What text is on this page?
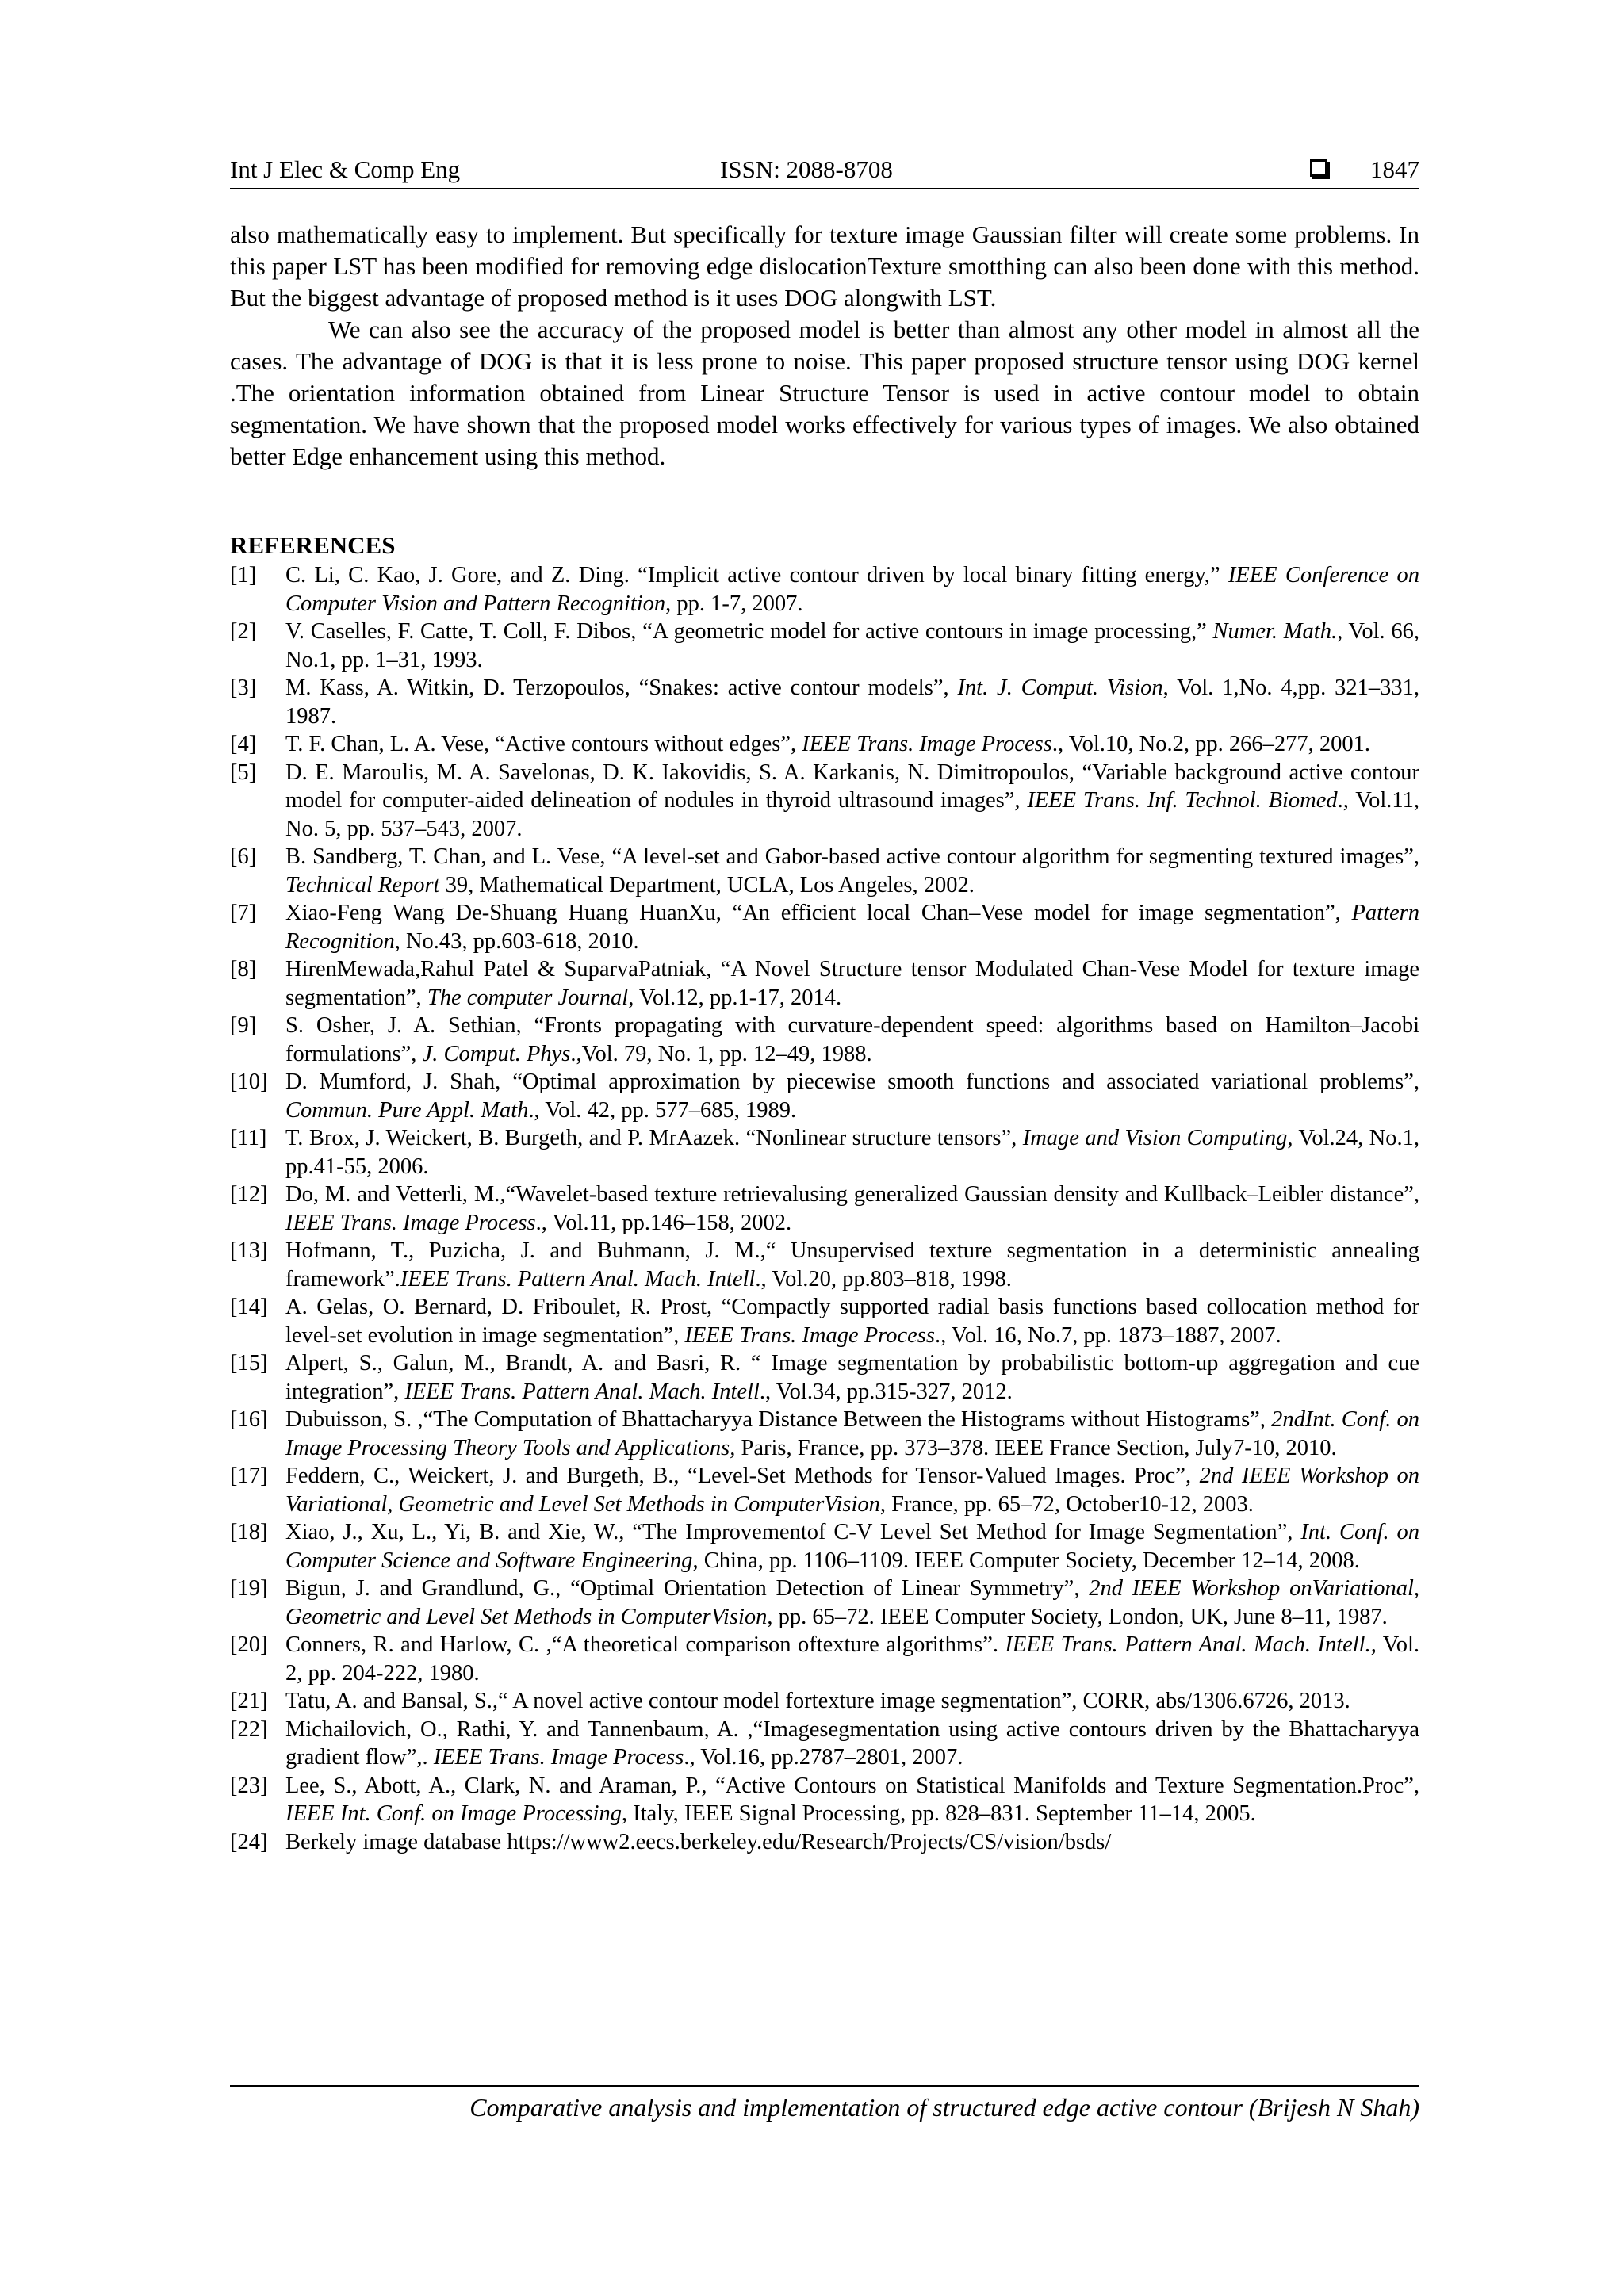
Int J Elec & Comp Eng	ISSN: 2088-8708	1847

also mathematically easy to implement. But specifically for texture image Gaussian filter will create some problems. In this paper LST has been modified for removing edge dislocationTexture smotthing can also been done with this method. But the biggest advantage of proposed method is it uses DOG alongwith LST.

We can also see the accuracy of the proposed model is better than almost any other model in almost all the cases. The advantage of DOG is that it is less prone to noise. This paper proposed structure tensor using DOG kernel .The orientation information obtained from Linear Structure Tensor is used in active contour model to obtain segmentation. We have shown that the proposed model works effectively for various types of images. We also obtained better Edge enhancement using this method.

REFERENCES
[1] C. Li, C. Kao, J. Gore, and Z. Ding. “Implicit active contour driven by local binary fitting energy,” IEEE Conference on Computer Vision and Pattern Recognition, pp. 1-7, 2007.
[2] V. Caselles, F. Catte, T. Coll, F. Dibos, “A geometric model for active contours in image processing,” Numer. Math., Vol. 66, No.1, pp. 1–31, 1993.
[3] M. Kass, A. Witkin, D. Terzopoulos, “Snakes: active contour models”, Int. J. Comput. Vision, Vol. 1,No. 4,pp. 321–331, 1987.
[4] T. F. Chan, L. A. Vese, “Active contours without edges”, IEEE Trans. Image Process., Vol.10, No.2, pp. 266–277, 2001.
[5] D. E. Maroulis, M. A. Savelonas, D. K. Iakovidis, S. A. Karkanis, N. Dimitropoulos, “Variable background active contour model for computer-aided delineation of nodules in thyroid ultrasound images”, IEEE Trans. Inf. Technol. Biomed., Vol.11, No. 5, pp. 537–543, 2007.
[6] B. Sandberg, T. Chan, and L. Vese, “A level-set and Gabor-based active contour algorithm for segmenting textured images”, Technical Report 39, Mathematical Department, UCLA, Los Angeles, 2002.
[7] Xiao-Feng Wang De-Shuang Huang HuanXu, “An efficient local Chan–Vese model for image segmentation”, Pattern Recognition, No.43, pp.603-618, 2010.
[8] HirenMewada,Rahul Patel & SuparvaPatniak, “A Novel Structure tensor Modulated Chan-Vese Model for texture image segmentation”, The computer Journal, Vol.12, pp.1-17, 2014.
[9] S. Osher, J. A. Sethian, “Fronts propagating with curvature-dependent speed: algorithms based on Hamilton–Jacobi formulations”, J. Comput. Phys.,Vol. 79, No. 1, pp. 12–49, 1988.
[10] D. Mumford, J. Shah, “Optimal approximation by piecewise smooth functions and associated variational problems”, Commun. Pure Appl. Math., Vol. 42, pp. 577–685, 1989.
[11] T. Brox, J. Weickert, B. Burgeth, and P. MrAazek. “Nonlinear structure tensors”, Image and Vision Computing, Vol.24, No.1, pp.41-55, 2006.
[12] Do, M. and Vetterli, M.,“Wavelet-based texture retrievalusing generalized Gaussian density and Kullback–Leibler distance”, IEEE Trans. Image Process., Vol.11, pp.146–158, 2002.
[13] Hofmann, T., Puzicha, J. and Buhmann, J. M.,“ Unsupervised texture segmentation in a deterministic annealing framework”.IEEE Trans. Pattern Anal. Mach. Intell., Vol.20, pp.803–818, 1998.
[14] A. Gelas, O. Bernard, D. Friboulet, R. Prost, “Compactly supported radial basis functions based collocation method for level-set evolution in image segmentation”, IEEE Trans. Image Process., Vol. 16, No.7, pp. 1873–1887, 2007.
[15] Alpert, S., Galun, M., Brandt, A. and Basri, R. “ Image segmentation by probabilistic bottom-up aggregation and cue integration”, IEEE Trans. Pattern Anal. Mach. Intell., Vol.34, pp.315-327, 2012.
[16] Dubuisson, S. ,“The Computation of Bhattacharyya Distance Between the Histograms without Histograms”, 2ndInt. Conf. on Image Processing Theory Tools and Applications, Paris, France, pp. 373–378. IEEE France Section, July7-10, 2010.
[17] Feddern, C., Weickert, J. and Burgeth, B., “Level-Set Methods for Tensor-Valued Images. Proc”, 2nd IEEE Workshop on Variational, Geometric and Level Set Methods in ComputerVision, France, pp. 65–72, October10-12, 2003.
[18] Xiao, J., Xu, L., Yi, B. and Xie, W., “The Improvementof C-V Level Set Method for Image Segmentation”, Int. Conf. on Computer Science and Software Engineering, China, pp. 1106–1109. IEEE Computer Society, December 12–14, 2008.
[19] Bigun, J. and Grandlund, G., “Optimal Orientation Detection of Linear Symmetry”, 2nd IEEE Workshop onVariational, Geometric and Level Set Methods in ComputerVision, pp. 65–72. IEEE Computer Society, London, UK, June 8–11, 1987.
[20] Conners, R. and Harlow, C. ,“A theoretical comparison oftexture algorithms”. IEEE Trans. Pattern Anal. Mach. Intell., Vol. 2, pp. 204-222, 1980.
[21] Tatu, A. and Bansal, S.,“ A novel active contour model fortexture image segmentation”, CORR, abs/1306.6726, 2013.
[22] Michailovich, O., Rathi, Y. and Tannenbaum, A. ,“Imagesegmentation using active contours driven by the Bhattacharyya gradient flow”,. IEEE Trans. Image Process., Vol.16, pp.2787–2801, 2007.
[23] Lee, S., Abott, A., Clark, N. and Araman, P., “Active Contours on Statistical Manifolds and Texture Segmentation.Proc”, IEEE Int. Conf. on Image Processing, Italy, IEEE Signal Processing, pp. 828–831. September 11–14, 2005.
[24] Berkely image database https://www2.eecs.berkeley.edu/Research/Projects/CS/vision/bsds/
Comparative analysis and implementation of structured edge active contour (Brijesh N Shah)
